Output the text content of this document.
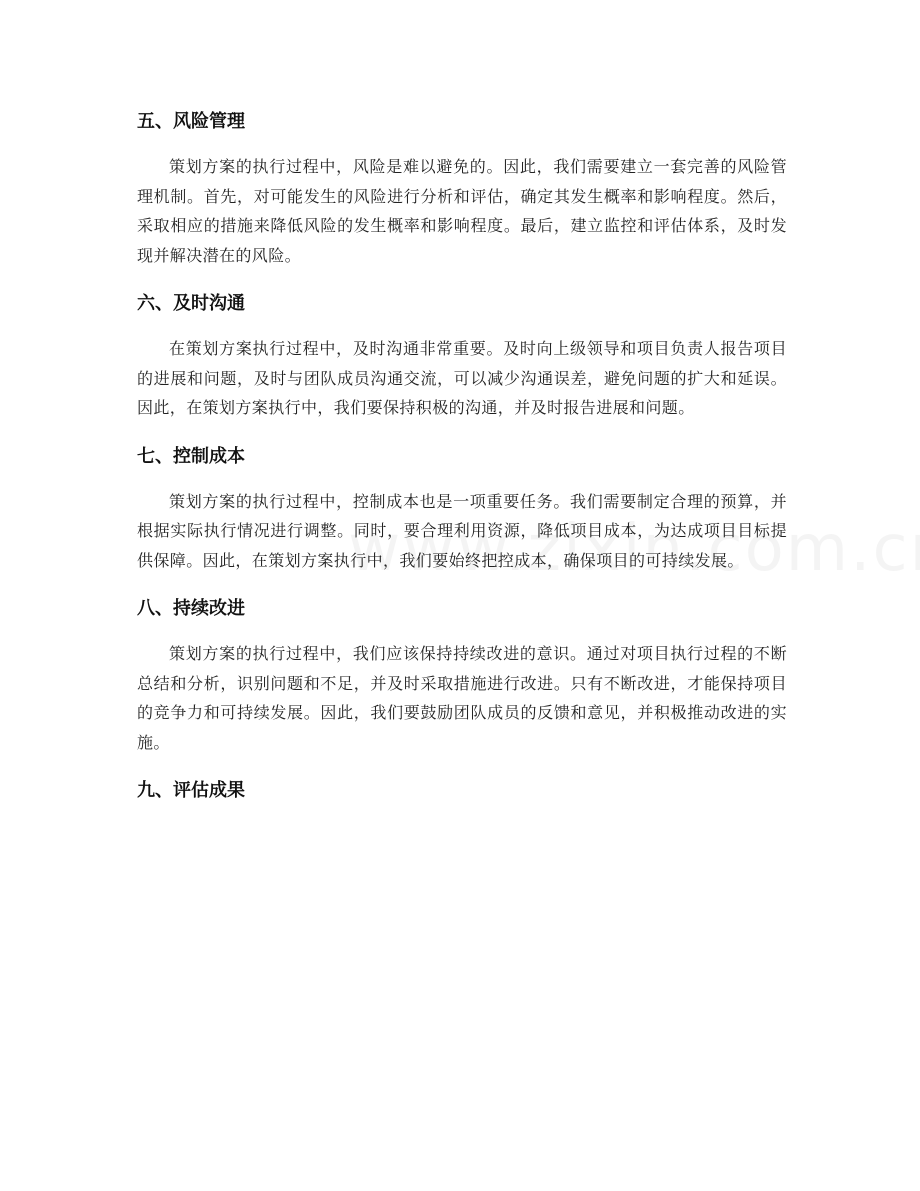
五、风险管理

策划方案的执行过程中，风险是难以避免的。因此，我们需要建立一套完善的风险管理机制。首先，对可能发生的风险进行分析和评估，确定其发生概率和影响程度。然后，采取相应的措施来降低风险的发生概率和影响程度。最后，建立监控和评估体系，及时发现并解决潜在的风险。

六、及时沟通

在策划方案执行过程中，及时沟通非常重要。及时向上级领导和项目负责人报告项目的进展和问题，及时与团队成员沟通交流，可以减少沟通误差，避免问题的扩大和延误。因此，在策划方案执行中，我们要保持积极的沟通，并及时报告进展和问题。

七、控制成本

策划方案的执行过程中，控制成本也是一项重要任务。我们需要制定合理的预算，并根据实际执行情况进行调整。同时，要合理利用资源，降低项目成本，为达成项目目标提供保障。因此，在策划方案执行中，我们要始终把控成本，确保项目的可持续发展。

八、持续改进

策划方案的执行过程中，我们应该保持持续改进的意识。通过对项目执行过程的不断总结和分析，识别问题和不足，并及时采取措施进行改进。只有不断改进，才能保持项目的竞争力和可持续发展。因此，我们要鼓励团队成员的反馈和意见，并积极推动改进的实施。

九、评估成果
